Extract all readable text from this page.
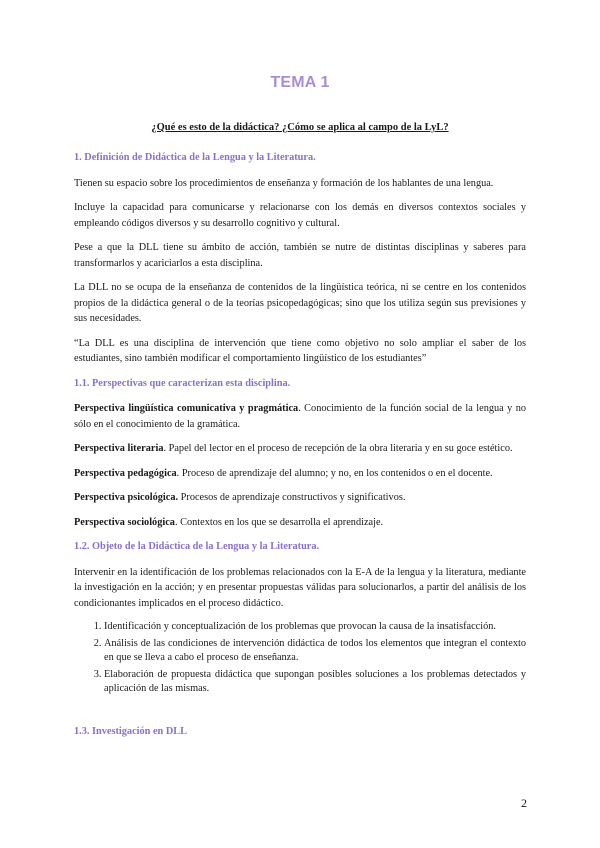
TEMA 1
¿Qué es esto de la didáctica? ¿Cómo se aplica al campo de la LyL?
1. Definición de Didáctica de la Lengua y la Literatura.

Tienen su espacio sobre los procedimientos de enseñanza y formación de los hablantes de una lengua.

Incluye la capacidad para comunicarse y relacionarse con los demás en diversos contextos sociales y empleando códigos diversos y su desarrollo cognitivo y cultural.

Pese a que la DLL tiene su ámbito de acción, también se nutre de distintas disciplinas y saberes para transformarlos y acariciarlos a esta disciplina.

La DLL no se ocupa de la enseñanza de contenidos de la lingüística teórica, ni se centre en los contenidos propios de la didáctica general o de la teorías psicopedagógicas; sino que los utiliza según sus previsiones y sus necesidades.

“La DLL es una disciplina de intervención que tiene como objetivo no solo ampliar el saber de los estudiantes, sino también modificar el comportamiento lingüístico de los estudiantes”

1.1. Perspectivas que caracterizan esta disciplina.

Perspectiva lingüística comunicativa y pragmática. Conocimiento de la función social de la lengua y no sólo en el conocimiento de la gramática.

Perspectiva literaria. Papel del lector en el proceso de recepción de la obra literaria y en su goce estético.

Perspectiva pedagógica. Proceso de aprendizaje del alumno; y no, en los contenidos o en el docente.

Perspectiva psicológica. Procesos de aprendizaje constructivos y significativos.

Perspectiva sociológica. Contextos en los que se desarrolla el aprendizaje.

1.2. Objeto de la Didáctica de la Lengua y la Literatura.

Intervenir en la identificación de los problemas relacionados con la E-A de la lengua y la literatura, mediante la investigación en la acción; y en presentar propuestas válidas para solucionarlos, a partir del análisis de los condicionantes implicados en el proceso didáctico.

1. Identificación y conceptualización de los problemas que provocan la causa de la insatisfacción.
2. Análisis de las condiciones de intervención didáctica de todos los elementos que integran el contexto en que se lleva a cabo el proceso de enseñanza.
3. Elaboración de propuesta didáctica que supongan posibles soluciones a los problemas detectados y aplicación de las mismas.
1.3. Investigación en DLL
2
